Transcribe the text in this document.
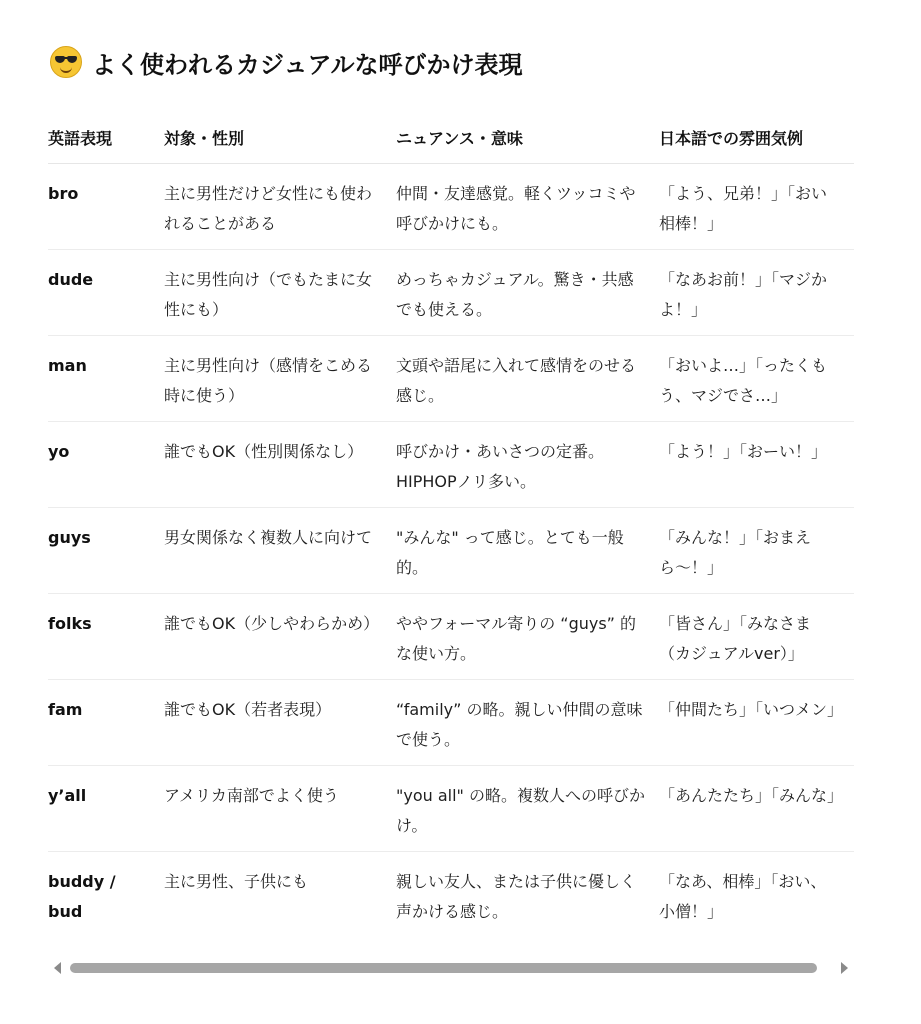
よく使われるカジュアルな呼びかけ表現
英語表現	対象・性別	ニュアンス・意味	日本語での雰囲気例

bro	主に男性だけど女性にも使われることがある	仲間・友達感覚。軽くツッコミや呼びかけにも。	「よう、兄弟！」「おい相棒！」

dude	主に男性向け（でもたまに女性にも）	めっちゃカジュアル。驚き・共感でも使える。	「なあお前！」「マジかよ！」

man	主に男性向け（感情をこめる時に使う）	文頭や語尾に入れて感情をのせる感じ。	「おいよ…」「ったくもう、マジでさ…」

yo	誰でもOK（性別関係なし）	呼びかけ・あいさつの定番。HIPHOPノリ多い。	「よう！」「おーい！」

guys	男女関係なく複数人に向けて	"みんな" って感じ。とても一般的。	「みんな！」「おまえら〜！」

folks	誰でもOK（少しやわらかめ）	ややフォーマル寄りの “guys” 的な使い方。	「皆さん」「みなさま（カジュアルver）」

fam	誰でもOK（若者表現）	“family” の略。親しい仲間の意味で使う。	「仲間たち」「いつメン」

y’all	アメリカ南部でよく使う	"you all" の略。複数人への呼びかけ。	「あんたたち」「みんな」

buddy / bud	主に男性、子供にも	親しい友人、または子供に優しく声かける感じ。	「なあ、相棒」「おい、小僧！」
